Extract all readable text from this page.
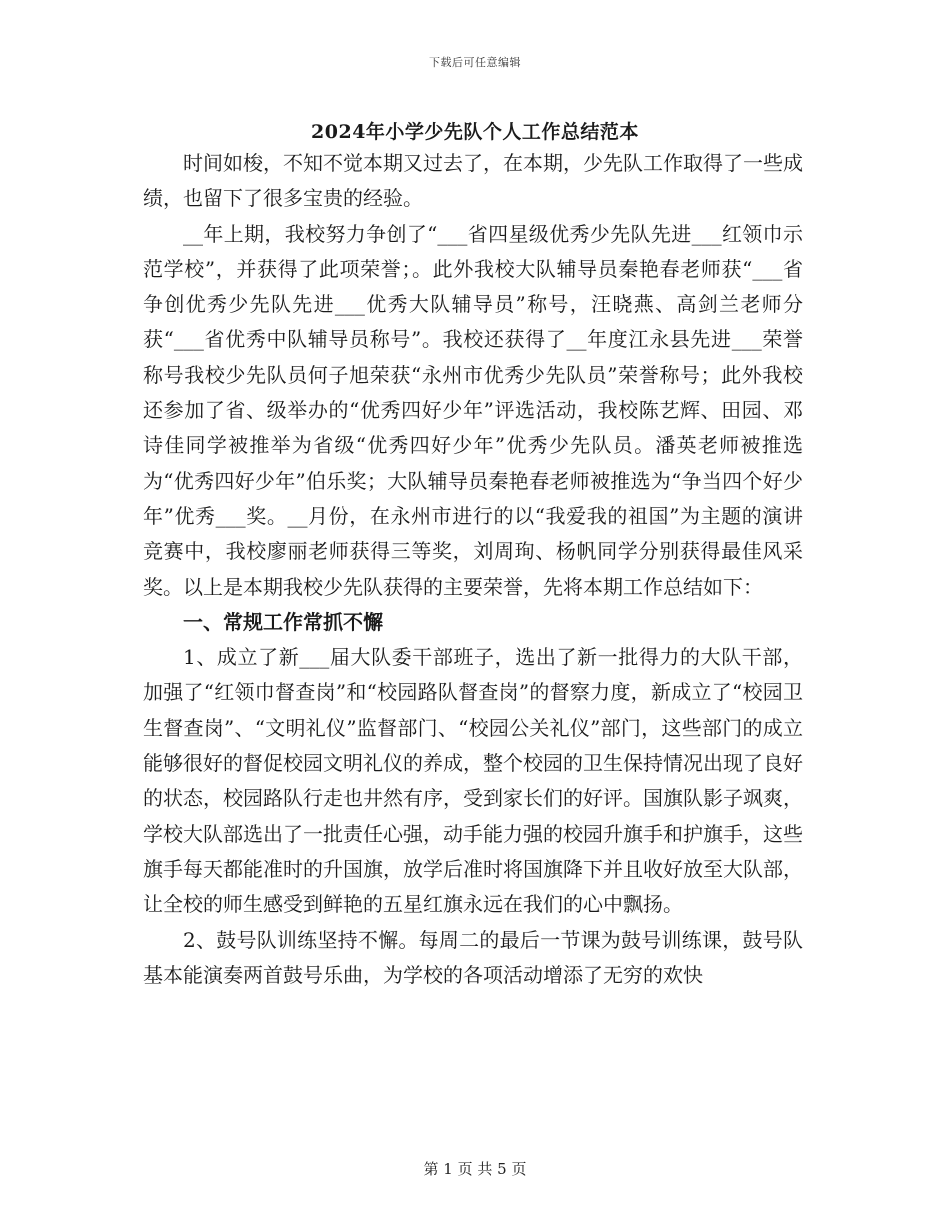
下载后可任意编辑
2024年小学少先队个人工作总结范本

时间如梭，不知不觉本期又过去了，在本期，少先队工作取得了一些成绩，也留下了很多宝贵的经验。

__年上期，我校努力争创了“___省四星级优秀少先队先进___红领巾示范学校”，并获得了此项荣誉；。此外我校大队辅导员秦艳春老师获“___省争创优秀少先队先进___优秀大队辅导员”称号，汪晓燕、高剑兰老师分获“___省优秀中队辅导员称号”。我校还获得了__年度江永县先进___荣誉称号我校少先队员何子旭荣获“永州市优秀少先队员”荣誉称号；此外我校还参加了省、级举办的“优秀四好少年”评选活动，我校陈艺辉、田园、邓诗佳同学被推举为省级“优秀四好少年”优秀少先队员。潘英老师被推选为“优秀四好少年”伯乐奖；大队辅导员秦艳春老师被推选为“争当四个好少年”优秀___奖。__月份，在永州市进行的以“我爱我的祖国”为主题的演讲竞赛中，我校廖丽老师获得三等奖，刘周珣、杨帆同学分别获得最佳风采奖。以上是本期我校少先队获得的主要荣誉，先将本期工作总结如下：

一、常规工作常抓不懈

1、成立了新___届大队委干部班子，选出了新一批得力的大队干部，加强了“红领巾督查岗”和“校园路队督查岗”的督察力度，新成立了“校园卫生督查岗”、“文明礼仪”监督部门、“校园公关礼仪”部门，这些部门的成立能够很好的督促校园文明礼仪的养成，整个校园的卫生保持情况出现了良好的状态，校园路队行走也井然有序，受到家长们的好评。国旗队影子飒爽，学校大队部选出了一批责任心强，动手能力强的校园升旗手和护旗手，这些旗手每天都能准时的升国旗，放学后准时将国旗降下并且收好放至大队部，让全校的师生感受到鲜艳的五星红旗永远在我们的心中飘扬。

2、鼓号队训练坚持不懈。每周二的最后一节课为鼓号训练课，鼓号队基本能演奏两首鼓号乐曲，为学校的各项活动增添了无穷的欢快

第 1 页 共 5 页
